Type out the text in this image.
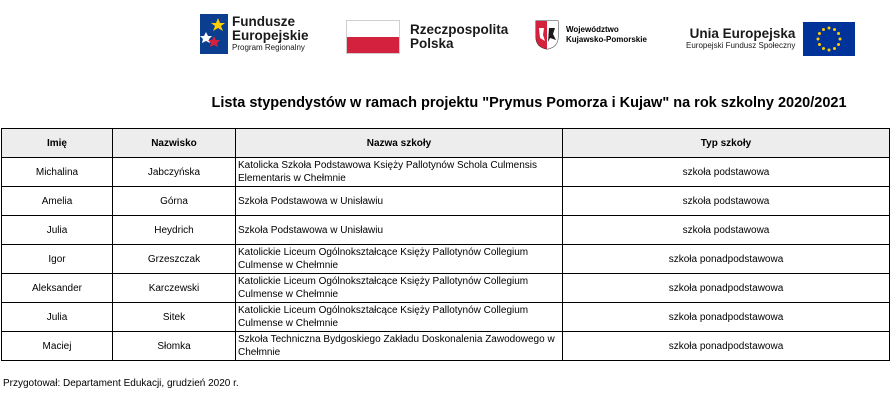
Fundusze
Europejskie
Program Regionalny
Rzeczpospolita
Polska
Województwo
Kujawsko-Pomorskie	Unia Europejska
Europejski Fundusz Społeczny
Lista stypendystów w ramach projektu "Prymus Pomorza i Kujaw" na rok szkolny 2020/2021
Imię	Nazwisko	Nazwa szkoły	Typ szkoły
Michalina	Jabczyńska	Katolicka Szkoła Podstawowa Księży Pallotynów Schola Culmensis Elementaris w Chełmnie	szkoła podstawowa
Amelia	Górna	Szkoła Podstawowa w Unisławiu	szkoła podstawowa
Julia	Heydrich	Szkoła Podstawowa w Unisławiu	szkoła podstawowa
Igor	Grzeszczak	Katolickie Liceum Ogólnokształcące Księży Pallotynów Collegium Culmense w Chełmnie	szkoła ponadpodstawowa
Aleksander	Karczewski	Katolickie Liceum Ogólnokształcące Księży Pallotynów Collegium Culmense w Chełmnie	szkoła ponadpodstawowa
Julia	Sitek	Katolickie Liceum Ogólnokształcące Księży Pallotynów Collegium Culmense w Chełmnie	szkoła ponadpodstawowa
Maciej	Słomka	Szkoła Techniczna Bydgoskiego Zakładu Doskonalenia Zawodowego w Chełmnie	szkoła ponadpodstawowa
Przygotował: Departament Edukacji, grudzień 2020 r.
